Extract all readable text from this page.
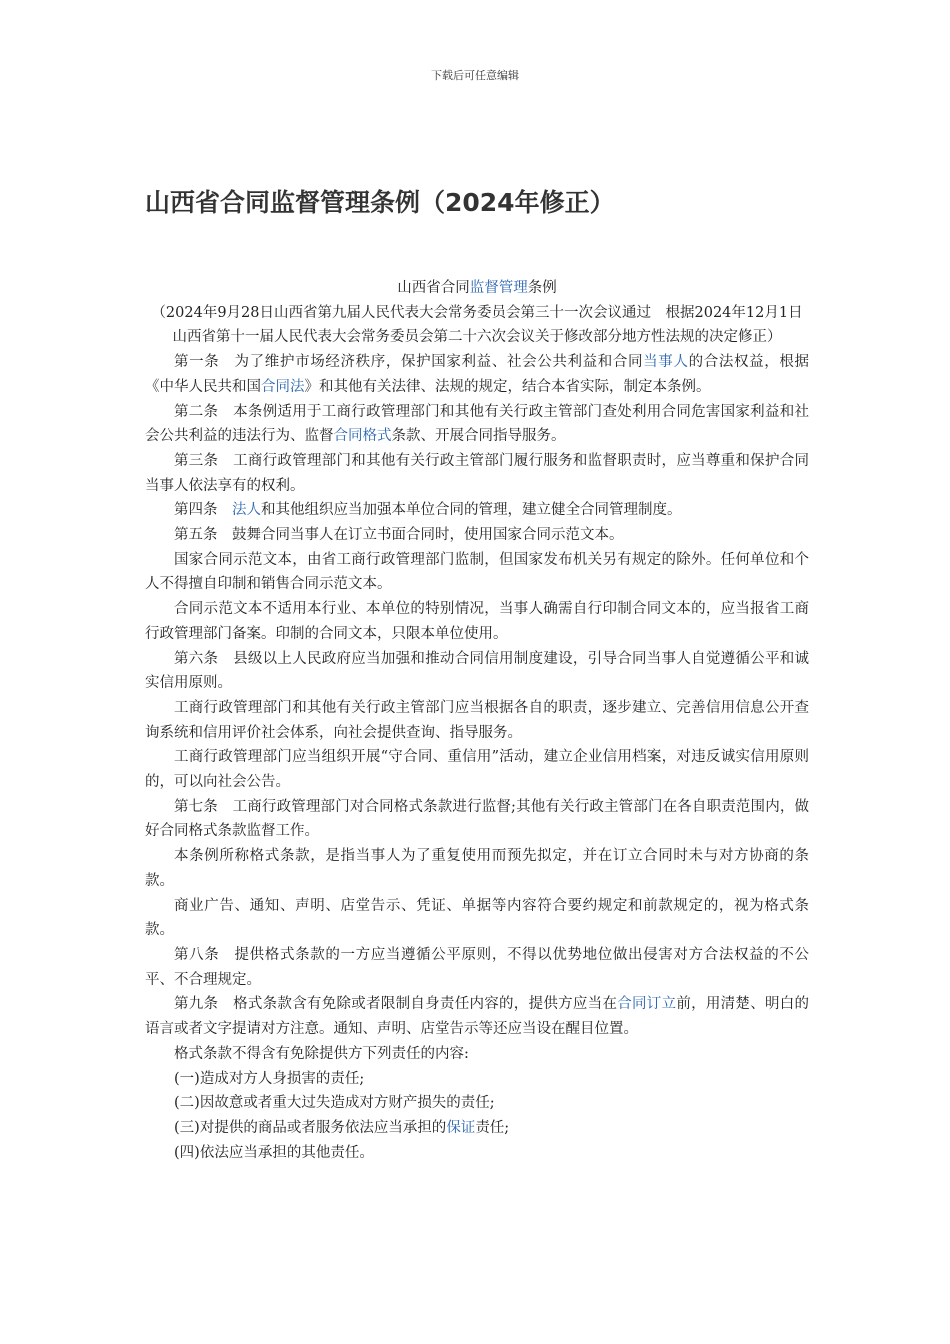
下载后可任意编辑
山西省合同监督管理条例（2024年修正）

山西省合同监督管理条例

（2024年9月28日山西省第九届人民代表大会常务委员会第三十一次会议通过　根据2024年12月1日山西省第十一届人民代表大会常务委员会第二十六次会议关于修改部分地方性法规的决定修正）

第一条 为了维护市场经济秩序，保护国家利益、社会公共利益和合同当事人的合法权益，根据《中华人民共和国合同法》和其他有关法律、法规的规定，结合本省实际，制定本条例。

第二条 本条例适用于工商行政管理部门和其他有关行政主管部门查处利用合同危害国家利益和社会公共利益的违法行为、监督合同格式条款、开展合同指导服务。

第三条 工商行政管理部门和其他有关行政主管部门履行服务和监督职责时，应当尊重和保护合同当事人依法享有的权利。

第四条 法人和其他组织应当加强本单位合同的管理，建立健全合同管理制度。

第五条 鼓舞合同当事人在订立书面合同时，使用国家合同示范文本。

国家合同示范文本，由省工商行政管理部门监制，但国家发布机关另有规定的除外。任何单位和个人不得擅自印制和销售合同示范文本。

合同示范文本不适用本行业、本单位的特别情况，当事人确需自行印制合同文本的，应当报省工商行政管理部门备案。印制的合同文本，只限本单位使用。

第六条 县级以上人民政府应当加强和推动合同信用制度建设，引导合同当事人自觉遵循公平和诚实信用原则。

工商行政管理部门和其他有关行政主管部门应当根据各自的职责，逐步建立、完善信用信息公开查询系统和信用评价社会体系，向社会提供查询、指导服务。

工商行政管理部门应当组织开展“守合同、重信用”活动，建立企业信用档案，对违反诚实信用原则的，可以向社会公告。

第七条 工商行政管理部门对合同格式条款进行监督;其他有关行政主管部门在各自职责范围内，做好合同格式条款监督工作。

本条例所称格式条款，是指当事人为了重复使用而预先拟定，并在订立合同时未与对方协商的条款。

商业广告、通知、声明、店堂告示、凭证、单据等内容符合要约规定和前款规定的，视为格式条款。

第八条 提供格式条款的一方应当遵循公平原则，不得以优势地位做出侵害对方合法权益的不公平、不合理规定。

第九条 格式条款含有免除或者限制自身责任内容的，提供方应当在合同订立前，用清楚、明白的语言或者文字提请对方注意。通知、声明、店堂告示等还应当设在醒目位置。

格式条款不得含有免除提供方下列责任的内容:

(一)造成对方人身损害的责任;

(二)因故意或者重大过失造成对方财产损失的责任;

(三)对提供的商品或者服务依法应当承担的保证责任;

(四)依法应当承担的其他责任。
